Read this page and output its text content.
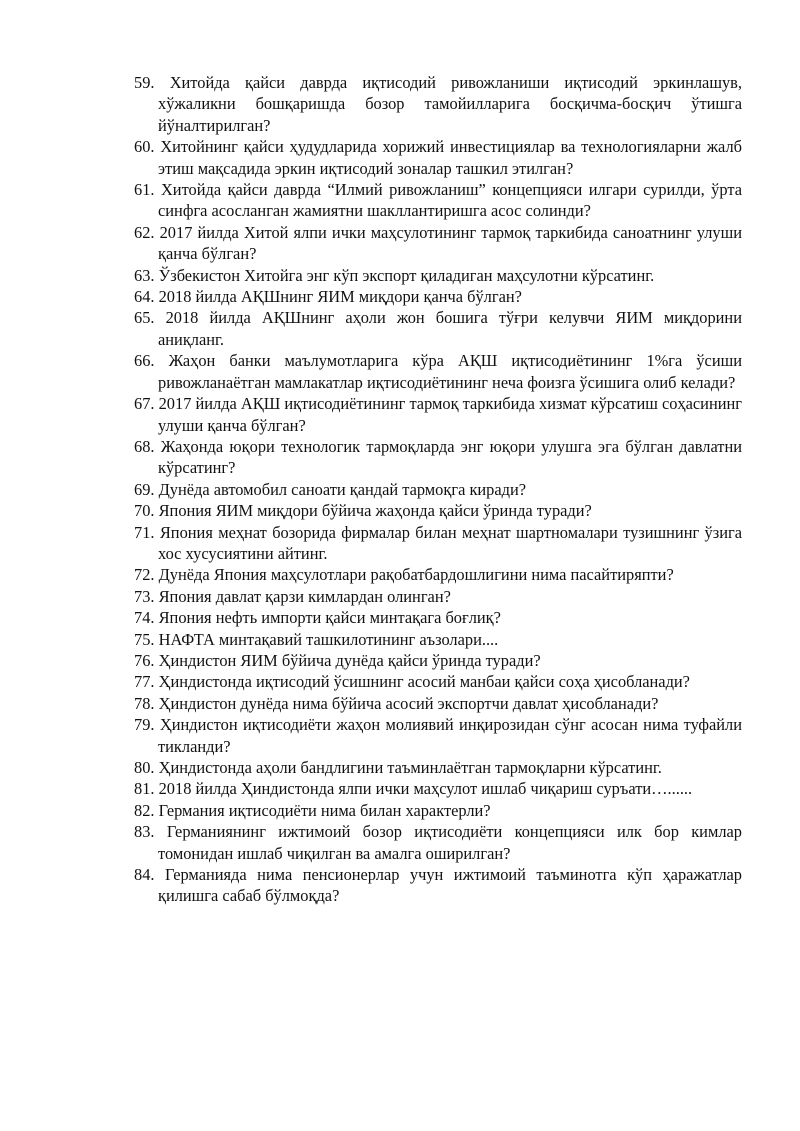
59. Хитойда қайси даврда иқтисодий ривожланиши иқтисодий эркинлашув, хўжаликни бошқаришда бозор тамойилларига босқичма-босқич ўтишга йўналтирилган?
60. Хитойнинг қайси ҳудудларида хорижий инвестициялар ва технологияларни жалб этиш мақсадида эркин иқтисодий зоналар ташкил этилган?
61. Хитойда қайси даврда “Илмий ривожланиш” концепцияси илгари сурилди, ўрта синфга асосланган жамиятни шакллантиришга асос солинди?
62. 2017 йилда Хитой ялпи ички маҳсулотининг тармоқ таркибида саноатнинг улуши қанча бўлган?
63. Ўзбекистон Хитойга энг кўп экспорт қиладиган маҳсулотни кўрсатинг.
64. 2018 йилда АҚШнинг ЯИМ миқдори қанча бўлган?
65. 2018 йилда АҚШнинг аҳоли жон бошига тўғри келувчи ЯИМ миқдорини аниқланг.
66. Жаҳон банки маълумотларига кўра АҚШ иқтисодиётининг 1%га ўсиши ривожланаётган мамлакатлар иқтисодиётининг неча фоизга ўсишига олиб келади?
67. 2017 йилда АҚШ иқтисодиётининг тармоқ таркибида хизмат кўрсатиш соҳасининг улуши қанча бўлган?
68. Жаҳонда юқори технологик тармоқларда энг юқори улушга эга бўлган давлатни кўрсатинг?
69. Дунёда автомобил саноати қандай тармоқга киради?
70. Япония ЯИМ миқдори бўйича жаҳонда қайси ўринда туради?
71. Япония меҳнат бозорида фирмалар билан меҳнат шартномалари тузишнинг ўзига хос хусусиятини айтинг.
72. Дунёда Япония маҳсулотлари рақобатбардошлигини нима пасайтиряпти?
73. Япония давлат қарзи кимлардан олинган?
74. Япония нефть импорти қайси минтақага боғлиқ?
75. НАФТА минтақавий ташкилотининг аъзолари....
76. Ҳиндистон ЯИМ бўйича дунёда қайси ўринда туради?
77. Ҳиндистонда иқтисодий ўсишнинг асосий манбаи қайси соҳа ҳисобланади?
78. Ҳиндистон дунёда нима бўйича асосий экспортчи давлат ҳисобланади?
79. Ҳиндистон иқтисодиёти жаҳон молиявий инқирозидан сўнг асосан нима туфайли тикланди?
80. Ҳиндистонда аҳоли бандлигини таъминлаётган тармоқларни кўрсатинг.
81. 2018 йилда Ҳиндистонда ялпи ички маҳсулот ишлаб чиқариш суръати…......
82. Германия иқтисодиёти нима билан характерли?
83. Германиянинг ижтимоий бозор иқтисодиёти концепцияси илк бор кимлар томонидан ишлаб чиқилган ва амалга оширилган?
84. Германияда нима пенсионерлар учун ижтимоий таъминотга кўп ҳаражатлар қилишга сабаб бўлмоқда?
